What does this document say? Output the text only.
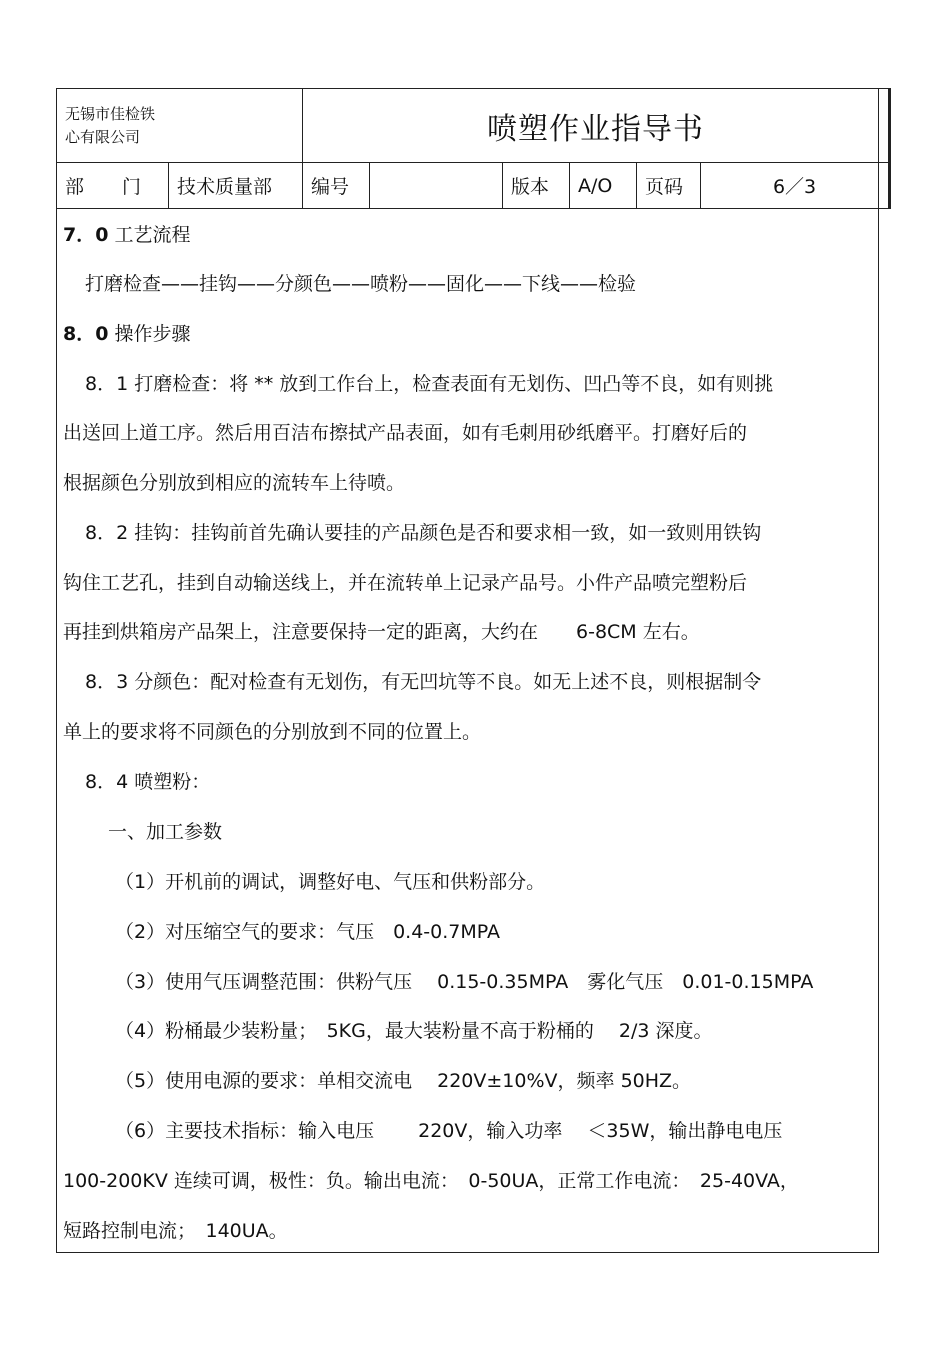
无锡市佳检铁
心有限公司		喷塑作业指导书					
部　　门	技术质量部	编号		版本	A/O	页码	6／3
7．0 工艺流程
打磨检查——挂钩——分颜色——喷粉——固化——下线——检验
8．0 操作步骤
8．1 打磨检查：将 ** 放到工作台上，检查表面有无划伤、凹凸等不良，如有则挑
出送回上道工序。然后用百洁布擦拭产品表面，如有毛刺用砂纸磨平。打磨好后的
根据颜色分别放到相应的流转车上待喷。
8．2 挂钩：挂钩前首先确认要挂的产品颜色是否和要求相一致，如一致则用铁钩
钩住工艺孔，挂到自动输送线上，并在流转单上记录产品号。小件产品喷完塑粉后
再挂到烘箱房产品架上，注意要保持一定的距离，大约在　　6-8CM 左右。
8．3 分颜色：配对检查有无划伤，有无凹坑等不良。如无上述不良，则根据制令
单上的要求将不同颜色的分别放到不同的位置上。
8．4 喷塑粉：
一、加工参数
（1）开机前的调试，调整好电、气压和供粉部分。
（2）对压缩空气的要求：气压　0.4-0.7MPA
（3）使用气压调整范围：供粉气压　 0.15-0.35MPA　雾化气压　0.01-0.15MPA
（4）粉桶最少装粉量；　5KG，最大装粉量不高于粉桶的　 2/3 深度。
（5）使用电源的要求：单相交流电　 220V±10%V，频率 50HZ。
（6）主要技术指标：输入电压　　 220V，输入功率　 ＜35W，输出静电电压
100-200KV 连续可调，极性：负。输出电流：　0-50UA，正常工作电流：　25-40VA，
短路控制电流；　140UA。
